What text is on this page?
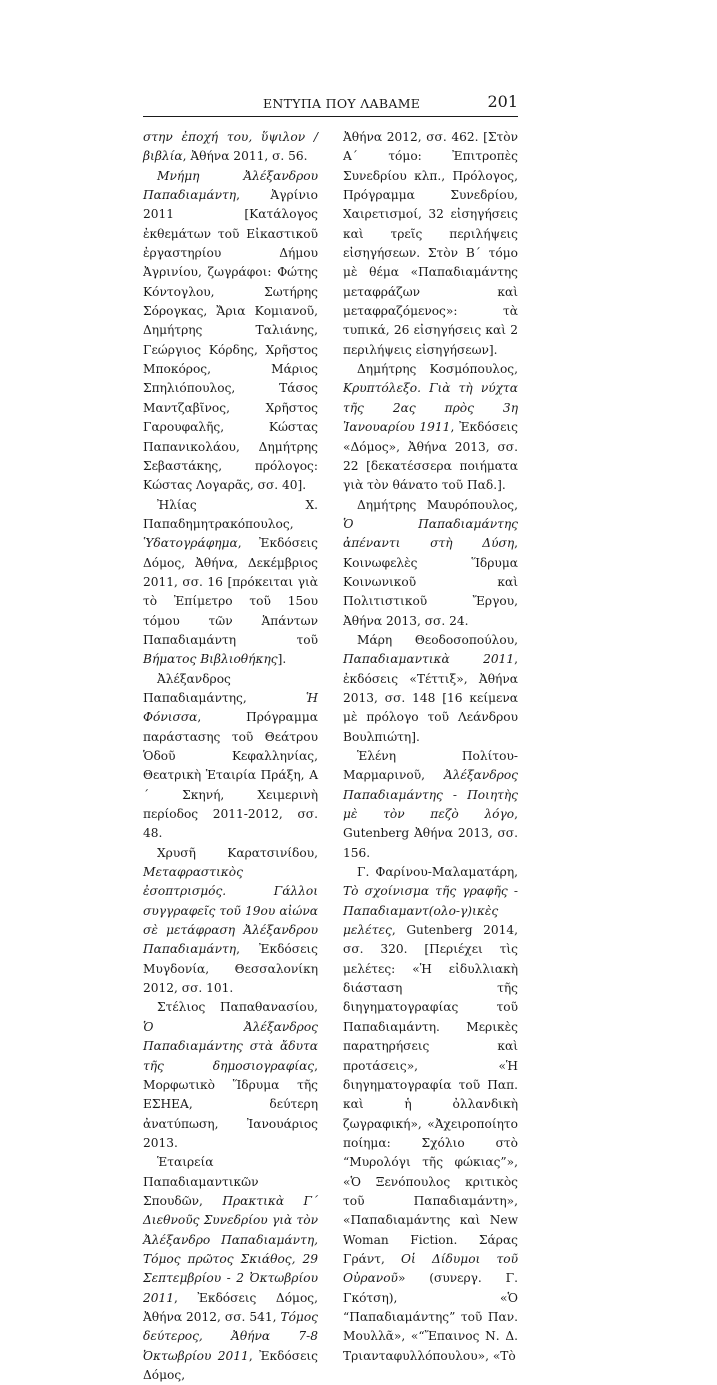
ΕΝΤΥΠΑ ΠΟΥ ΛΑΒΑΜΕ	201

στην ἐποχή του, ὕψιλον / βιβλία, Ἀθήνα 2011, σ. 56.

Μνήμη Ἀλέξανδρου Παπαδιαμάντη, Ἀγρίνιο 2011 [Κατάλογος ἐκθεμάτων τοῦ Εἰκαστικοῦ ἐργαστηρίου Δήμου Ἀγρινίου, ζωγράφοι: Φώτης Κόντογλου, Σωτήρης Σόρογκας, Ἄρια Κομιανοῦ, Δημήτρης Ταλιάνης, Γεώργιος Κόρδης, Χρῆστος Μποκόρος, Μάριος Σπηλιόπουλος, Τάσος Μαντζαβῖνος, Χρῆστος Γαρουφαλῆς, Κώστας Παπανικολάου, Δημήτρης Σεβαστάκης, πρόλογος: Κώστας Λογαρᾶς, σσ. 40].

Ἠλίας Χ. Παπαδημητρακόπουλος, Ὑδατογράφημα, Ἐκδόσεις Δόμος, Ἀθήνα, Δεκέμβριος 2011, σσ. 16 [πρόκειται γιὰ τὸ Ἐπίμετρο τοῦ 15ου τόμου τῶν Ἁπάντων Παπαδιαμάντη τοῦ Βήματος Βιβλιοθήκης].

Ἀλέξανδρος Παπαδιαμάντης, Ἡ Φόνισσα, Πρόγραμμα παράστασης τοῦ Θεάτρου Ὁδοῦ Κεφαλληνίας, Θεατρικὴ Ἑταιρία Πράξη, Α´ Σκηνή, Χειμερινὴ περίοδος 2011-2012, σσ. 48.

Χρυσῆ Καρατσινίδου, Μεταφραστικὸς ἐσοπτρισμός. Γάλλοι συγγραφεῖς τοῦ 19ου αἰώνα σὲ μετάφραση Ἀλέξανδρου Παπαδιαμάντη, Ἐκδόσεις Μυγδονία, Θεσσαλονίκη 2012, σσ. 101.

Στέλιος Παπαθανασίου, Ὁ Ἀλέξανδρος Παπαδιαμάντης στὰ ἄδυτα τῆς δημοσιογραφίας, Μορφωτικὸ Ἵδρυμα τῆς ΕΣΗΕΑ, δεύτερη ἀνατύπωση, Ἰανουάριος 2013.

Ἑταιρεία Παπαδιαμαντικῶν Σπουδῶν, Πρακτικὰ Γ´ Διεθνοῦς Συνεδρίου γιὰ τὸν Ἀλέξανδρο Παπαδιαμάντη, Τόμος πρῶτος Σκιάθος, 29 Σεπτεμβρίου - 2 Ὀκτωβρίου 2011, Ἐκδόσεις Δόμος, Ἀθήνα 2012, σσ. 541, Τόμος δεύτερος, Ἀθήνα 7-8 Ὀκτωβρίου 2011, Ἐκδόσεις Δόμος,

Ἀθήνα 2012, σσ. 462. [Στὸν Α´ τόμο: Ἐπιτροπὲς Συνεδρίου κλπ., Πρόλογος, Πρόγραμμα Συνεδρίου, Χαιρετισμοί, 32 εἰσηγήσεις καὶ τρεῖς περιλήψεις εἰσηγήσεων. Στὸν Β´ τόμο μὲ θέμα «Παπαδιαμάντης μεταφράζων καὶ μεταφραζόμενος»: τὰ τυπικά, 26 εἰσηγήσεις καὶ 2 περιλήψεις εἰσηγήσεων].

Δημήτρης Κοσμόπουλος, Κρυπτόλεξο. Γιὰ τὴ νύχτα τῆς 2ας πρὸς 3η Ἰανουαρίου 1911, Ἐκδόσεις «Δόμος», Ἀθήνα 2013, σσ. 22 [δεκατέσσερα ποιήματα γιὰ τὸν θάνατο τοῦ Παδ.].

Δημήτρης Μαυρόπουλος, Ὁ Παπαδιαμάντης ἀπέναντι στὴ Δύση, Κοινωφελὲς Ἵδρυμα Κοινωνικοῦ καὶ Πολιτιστικοῦ Ἔργου, Ἀθήνα 2013, σσ. 24.

Μάρη Θεοδοσοπούλου, Παπαδιαμαντικὰ 2011, ἐκδόσεις «Τέττιξ», Ἀθήνα 2013, σσ. 148 [16 κείμενα μὲ πρόλογο τοῦ Λεάνδρου Βουλπιώτη].

Ἑλένη Πολίτου-Μαρμαρινοῦ, Ἀλέξανδρος Παπαδιαμάντης - Ποιητὴς μὲ τὸν πεζὸ λόγο, Gutenberg Ἀθήνα 2013, σσ. 156.

Γ. Φαρίνου-Μαλαματάρη, Τὸ σχοίνισμα τῆς γραφῆς - Παπαδιαμαντ(ολο-γ)ικὲς μελέτες, Gutenberg 2014, σσ. 320. [Περιέχει τὶς μελέτες: «Ἡ εἰδυλλιακὴ διάσταση τῆς διηγηματογραφίας τοῦ Παπαδιαμάντη. Μερικὲς παρατηρήσεις καὶ προτάσεις», «Ἡ διηγηματογραφία τοῦ Παπ. καὶ ἡ ὀλλανδικὴ ζωγραφική», «Ἀχειροποίητο ποίημα: Σχόλιο στὸ “Μυρολόγι τῆς φώκιας”», «Ὁ Ξενόπουλος κριτικὸς τοῦ Παπαδιαμάντη», «Παπαδιαμάντης καὶ New Woman Fiction. Σάρας Γράντ, Οἱ Δίδυμοι τοῦ Οὐρανοῦ» (συνεργ. Γ. Γκότση), «Ὁ “Παπαδιαμάντης” τοῦ Παν. Μουλλᾶ», «“Ἔπαινος Ν. Δ. Τριανταφυλλόπουλου», «Τὸ
